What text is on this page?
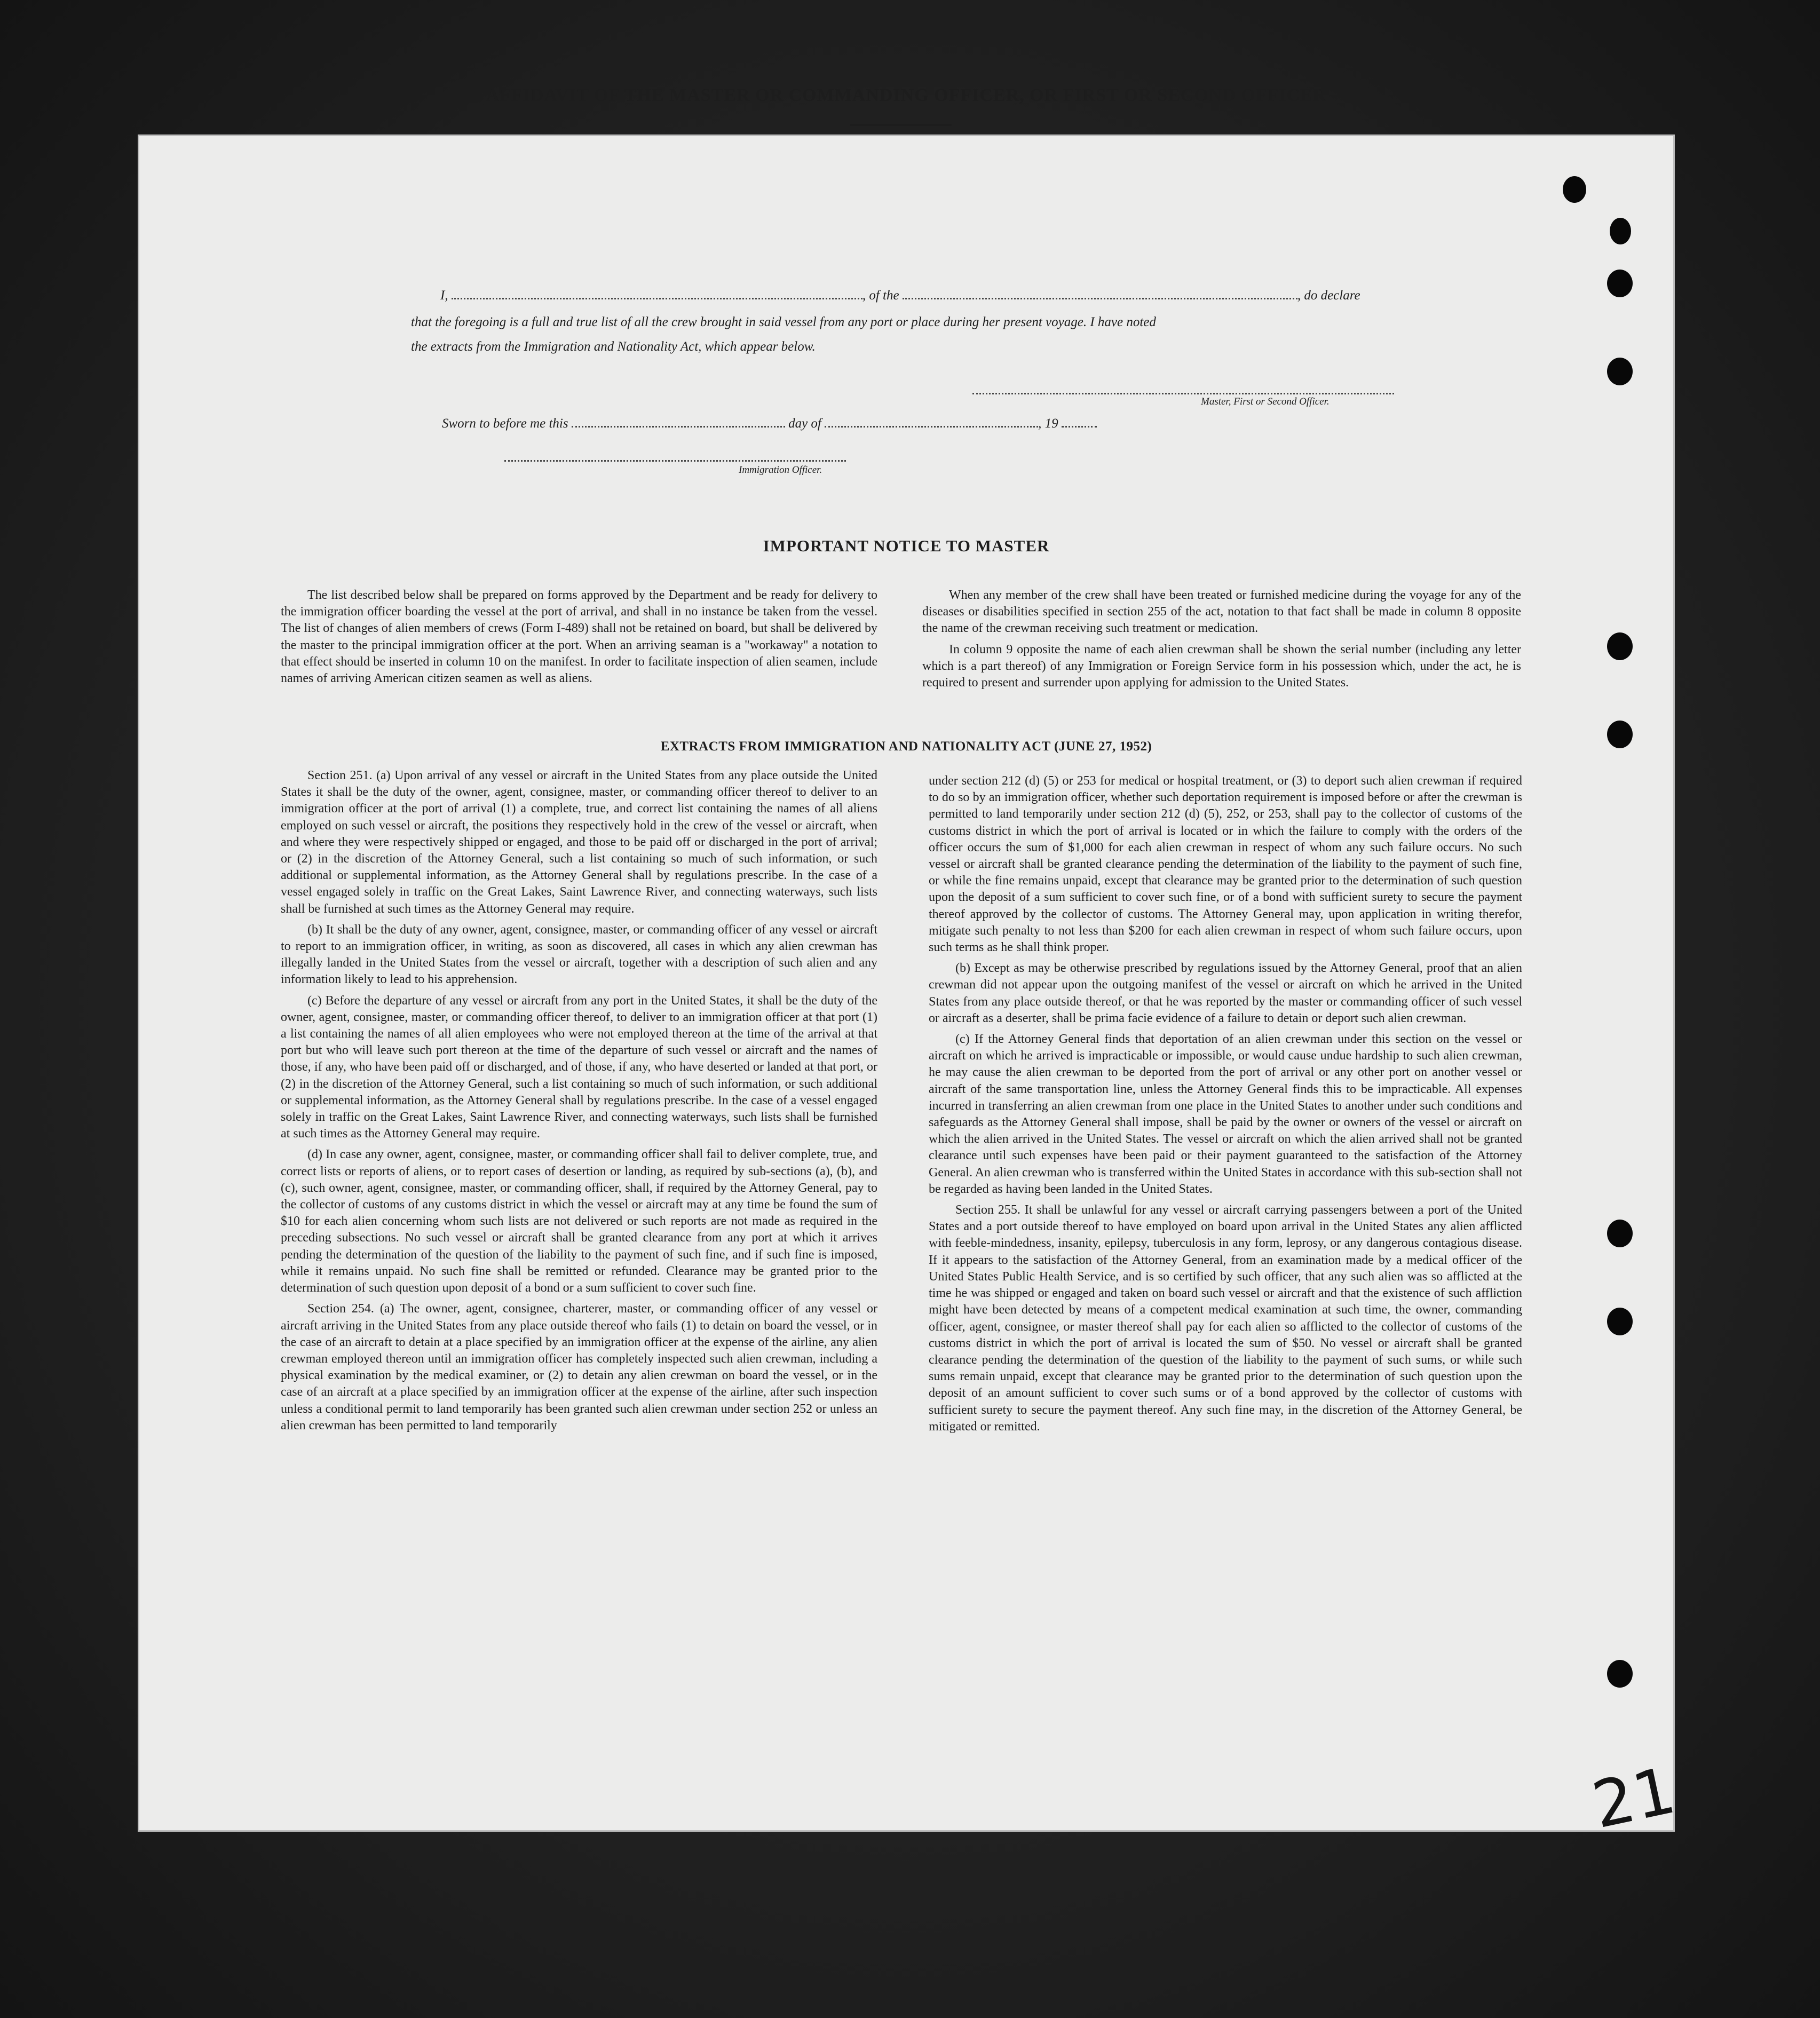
AFFIDAVIT OF THE MASTER OR COMMANDING OFFICER, OR FIRST OR SECOND OFFICER
I,	, of the	, do declare
that the foregoing is a full and true list of all the crew brought in said vessel from any port or place during her present voyage. I have noted
the extracts from the Immigration and Nationality Act, which appear below.
Master, First or Second Officer.
Sworn to before me this	day of	, 19
Immigration Officer.
IMPORTANT NOTICE TO MASTER

The list described below shall be prepared on forms approved by the Department and be ready for delivery to the immigration officer boarding the vessel at the port of arrival, and shall in no instance be taken from the vessel. The list of changes of alien members of crews (Form I-489) shall not be retained on board, but shall be delivered by the master to the principal immigration officer at the port. When an arriving seaman is a "workaway" a notation to that effect should be inserted in column 10 on the manifest. In order to facilitate inspection of alien seamen, include names of arriving American citizen seamen as well as aliens.

When any member of the crew shall have been treated or furnished medicine during the voyage for any of the diseases or disabilities specified in section 255 of the act, notation to that fact shall be made in column 8 opposite the name of the crewman receiving such treatment or medication.

In column 9 opposite the name of each alien crewman shall be shown the serial number (including any letter which is a part thereof) of any Immigration or Foreign Service form in his possession which, under the act, he is required to present and surrender upon applying for admission to the United States.

EXTRACTS FROM IMMIGRATION AND NATIONALITY ACT (JUNE 27, 1952)

Section 251. (a) Upon arrival of any vessel or aircraft in the United States from any place outside the United States it shall be the duty of the owner, agent, consignee, master, or commanding officer thereof to deliver to an immigration officer at the port of arrival (1) a complete, true, and correct list containing the names of all aliens employed on such vessel or aircraft, the positions they respectively hold in the crew of the vessel or aircraft, when and where they were respectively shipped or engaged, and those to be paid off or discharged in the port of arrival; or (2) in the discretion of the Attorney General, such a list containing so much of such information, or such additional or supplemental information, as the Attorney General shall by regulations prescribe. In the case of a vessel engaged solely in traffic on the Great Lakes, Saint Lawrence River, and connecting waterways, such lists shall be furnished at such times as the Attorney General may require.

(b) It shall be the duty of any owner, agent, consignee, master, or commanding officer of any vessel or aircraft to report to an immigration officer, in writing, as soon as discovered, all cases in which any alien crewman has illegally landed in the United States from the vessel or aircraft, together with a description of such alien and any information likely to lead to his apprehension.

(c) Before the departure of any vessel or aircraft from any port in the United States, it shall be the duty of the owner, agent, consignee, master, or commanding officer thereof, to deliver to an immigration officer at that port (1) a list containing the names of all alien employees who were not employed thereon at the time of the arrival at that port but who will leave such port thereon at the time of the departure of such vessel or aircraft and the names of those, if any, who have been paid off or discharged, and of those, if any, who have deserted or landed at that port, or (2) in the discretion of the Attorney General, such a list containing so much of such information, or such additional or supplemental information, as the Attorney General shall by regulations prescribe. In the case of a vessel engaged solely in traffic on the Great Lakes, Saint Lawrence River, and connecting waterways, such lists shall be furnished at such times as the Attorney General may require.

(d) In case any owner, agent, consignee, master, or commanding officer shall fail to deliver complete, true, and correct lists or reports of aliens, or to report cases of desertion or landing, as required by sub-sections (a), (b), and (c), such owner, agent, consignee, master, or commanding officer, shall, if required by the Attorney General, pay to the collector of customs of any customs district in which the vessel or aircraft may at any time be found the sum of $10 for each alien concerning whom such lists are not delivered or such reports are not made as required in the preceding subsections. No such vessel or aircraft shall be granted clearance from any port at which it arrives pending the determination of the question of the liability to the payment of such fine, and if such fine is imposed, while it remains unpaid. No such fine shall be remitted or refunded. Clearance may be granted prior to the determination of such question upon deposit of a bond or a sum sufficient to cover such fine.

Section 254. (a) The owner, agent, consignee, charterer, master, or commanding officer of any vessel or aircraft arriving in the United States from any place outside thereof who fails (1) to detain on board the vessel, or in the case of an aircraft to detain at a place specified by an immigration officer at the expense of the airline, any alien crewman employed thereon until an immigration officer has completely inspected such alien crewman, including a physical examination by the medical examiner, or (2) to detain any alien crewman on board the vessel, or in the case of an aircraft at a place specified by an immigration officer at the expense of the airline, after such inspection unless a conditional permit to land temporarily has been granted such alien crewman under section 252 or unless an alien crewman has been permitted to land temporarily

under section 212 (d) (5) or 253 for medical or hospital treatment, or (3) to deport such alien crewman if required to do so by an immigration officer, whether such deportation requirement is imposed before or after the crewman is permitted to land temporarily under section 212 (d) (5), 252, or 253, shall pay to the collector of customs of the customs district in which the port of arrival is located or in which the failure to comply with the orders of the officer occurs the sum of $1,000 for each alien crewman in respect of whom any such failure occurs. No such vessel or aircraft shall be granted clearance pending the determination of the liability to the payment of such fine, or while the fine remains unpaid, except that clearance may be granted prior to the determination of such question upon the deposit of a sum sufficient to cover such fine, or of a bond with sufficient surety to secure the payment thereof approved by the collector of customs. The Attorney General may, upon application in writing therefor, mitigate such penalty to not less than $200 for each alien crewman in respect of whom such failure occurs, upon such terms as he shall think proper.

(b) Except as may be otherwise prescribed by regulations issued by the Attorney General, proof that an alien crewman did not appear upon the outgoing manifest of the vessel or aircraft on which he arrived in the United States from any place outside thereof, or that he was reported by the master or commanding officer of such vessel or aircraft as a deserter, shall be prima facie evidence of a failure to detain or deport such alien crewman.

(c) If the Attorney General finds that deportation of an alien crewman under this section on the vessel or aircraft on which he arrived is impracticable or impossible, or would cause undue hardship to such alien crewman, he may cause the alien crewman to be deported from the port of arrival or any other port on another vessel or aircraft of the same transportation line, unless the Attorney General finds this to be impracticable. All expenses incurred in transferring an alien crewman from one place in the United States to another under such conditions and safeguards as the Attorney General shall impose, shall be paid by the owner or owners of the vessel or aircraft on which the alien arrived in the United States. The vessel or aircraft on which the alien arrived shall not be granted clearance until such expenses have been paid or their payment guaranteed to the satisfaction of the Attorney General. An alien crewman who is transferred within the United States in accordance with this sub-section shall not be regarded as having been landed in the United States.

Section 255. It shall be unlawful for any vessel or aircraft carrying passengers between a port of the United States and a port outside thereof to have employed on board upon arrival in the United States any alien afflicted with feeble-mindedness, insanity, epilepsy, tuberculosis in any form, leprosy, or any dangerous contagious disease. If it appears to the satisfaction of the Attorney General, from an examination made by a medical officer of the United States Public Health Service, and is so certified by such officer, that any such alien was so afflicted at the time he was shipped or engaged and taken on board such vessel or aircraft and that the existence of such affliction might have been detected by means of a competent medical examination at such time, the owner, commanding officer, agent, consignee, or master thereof shall pay for each alien so afflicted to the collector of customs of the customs district in which the port of arrival is located the sum of $50. No vessel or aircraft shall be granted clearance pending the determination of the question of the liability to the payment of such sums, or while such sums remain unpaid, except that clearance may be granted prior to the determination of such question upon the deposit of an amount sufficient to cover such sums or of a bond approved by the collector of customs with sufficient surety to secure the payment thereof. Any such fine may, in the discretion of the Attorney General, be mitigated or remitted.

21
